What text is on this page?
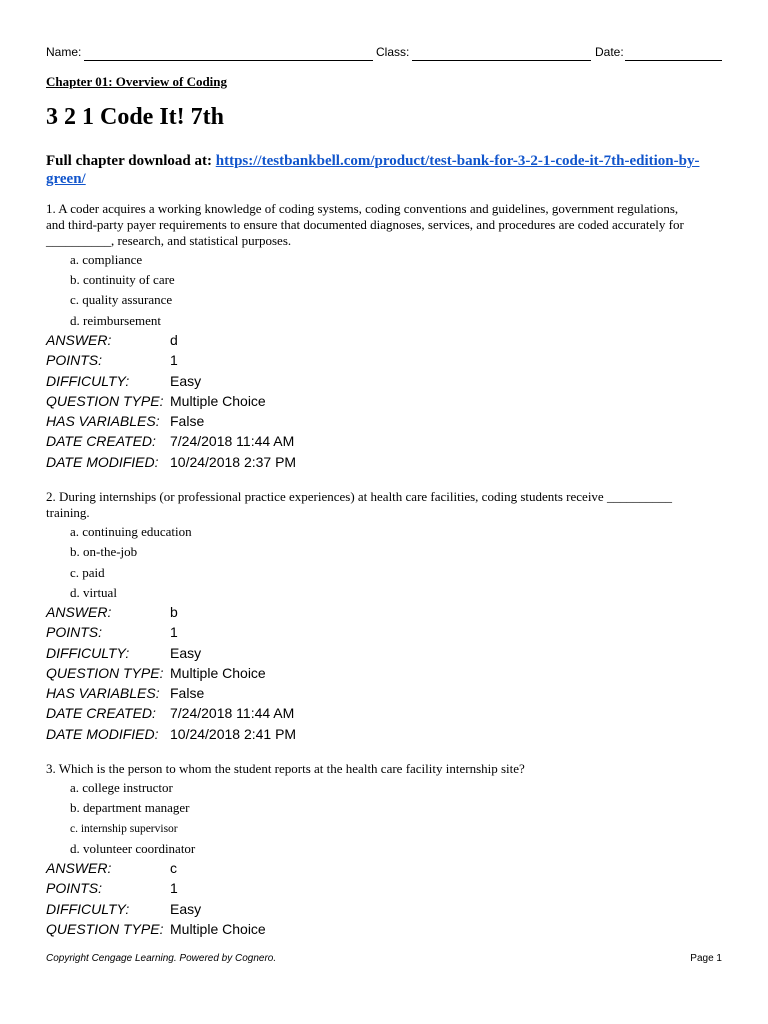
Name:	Class:	Date:
Chapter 01: Overview of Coding
3 2 1 Code It! 7th
Full chapter download at: https://testbankbell.com/product/test-bank-for-3-2-1-code-it-7th-edition-by-
green/
1. A coder acquires a working knowledge of coding systems, coding conventions and guidelines, government regulations,
and third-party payer requirements to ensure that documented diagnoses, services, and procedures are coded accurately for
__________, research, and statistical purposes.
a. compliance
b. continuity of care
c. quality assurance
d. reimbursement
ANSWER:	d
POINTS:	1
DIFFICULTY:	Easy
QUESTION TYPE: Multiple Choice
HAS VARIABLES: False
DATE CREATED: 7/24/2018 11:44 AM
DATE MODIFIED: 10/24/2018 2:37 PM
2. During internships (or professional practice experiences) at health care facilities, coding students receive __________
training.
a. continuing education
b. on-the-job
c. paid
d. virtual
ANSWER:	b
POINTS:	1
DIFFICULTY:	Easy
QUESTION TYPE: Multiple Choice
HAS VARIABLES: False
DATE CREATED: 7/24/2018 11:44 AM
DATE MODIFIED: 10/24/2018 2:41 PM
3. Which is the person to whom the student reports at the health care facility internship site?
a. college instructor
b. department manager
c. internship supervisor
d. volunteer coordinator
ANSWER:	c
POINTS:	1
DIFFICULTY:	Easy
QUESTION TYPE: Multiple Choice
Copyright Cengage Learning. Powered by Cognero.	Page 1
